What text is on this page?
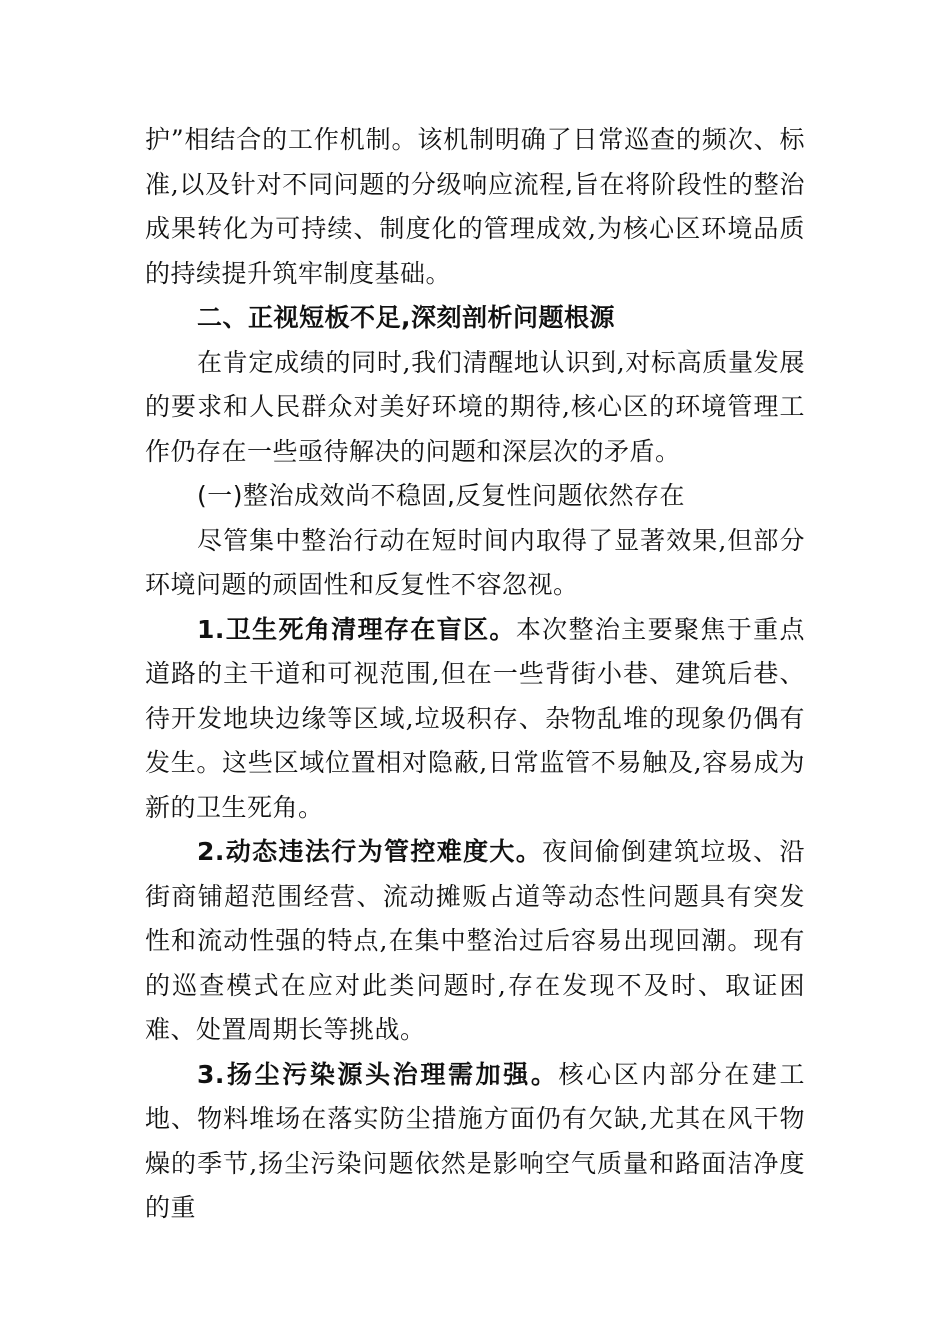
护”相结合的工作机制。该机制明确了日常巡查的频次、标准,以及针对不同问题的分级响应流程,旨在将阶段性的整治成果转化为可持续、制度化的管理成效,为核心区环境品质的持续提升筑牢制度基础。

二、正视短板不足,深刻剖析问题根源

在肯定成绩的同时,我们清醒地认识到,对标高质量发展的要求和人民群众对美好环境的期待,核心区的环境管理工作仍存在一些亟待解决的问题和深层次的矛盾。

(一)整治成效尚不稳固,反复性问题依然存在

尽管集中整治行动在短时间内取得了显著效果,但部分环境问题的顽固性和反复性不容忽视。

1.卫生死角清理存在盲区。本次整治主要聚焦于重点道路的主干道和可视范围,但在一些背街小巷、建筑后巷、待开发地块边缘等区域,垃圾积存、杂物乱堆的现象仍偶有发生。这些区域位置相对隐蔽,日常监管不易触及,容易成为新的卫生死角。

2.动态违法行为管控难度大。夜间偷倒建筑垃圾、沿街商铺超范围经营、流动摊贩占道等动态性问题具有突发性和流动性强的特点,在集中整治过后容易出现回潮。现有的巡查模式在应对此类问题时,存在发现不及时、取证困难、处置周期长等挑战。

3.扬尘污染源头治理需加强。核心区内部分在建工地、物料堆场在落实防尘措施方面仍有欠缺,尤其在风干物燥的季节,扬尘污染问题依然是影响空气质量和路面洁净度的重
